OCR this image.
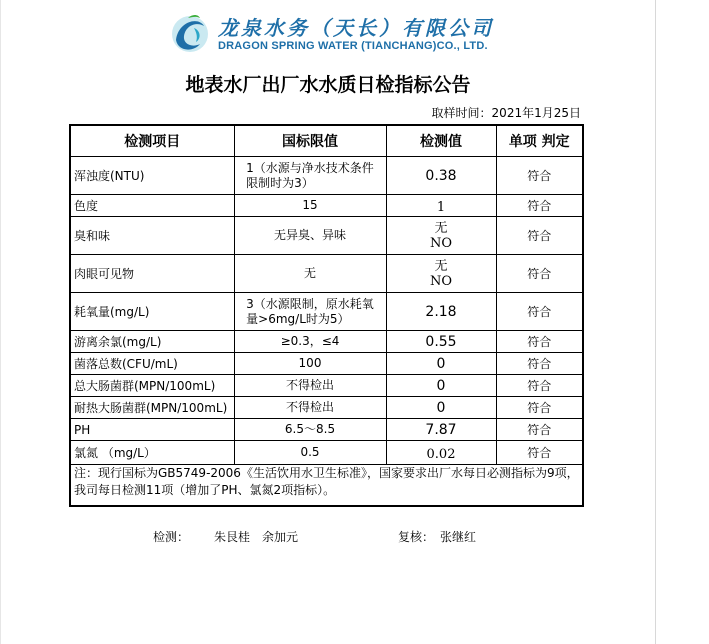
龙泉水务（天长）有限公司
DRAGON SPRING WATER (TIANCHANG)CO., LTD.
地表水厂出厂水水质日检指标公告
取样时间：2021年1月25日
检测项目	国标限值	检测值	单项 判定
浑浊度(NTU)	1（水源与净水技术条件
限制时为3）	0.38	符合
色度	15	1	符合
臭和味	无异臭、异味	无
NO	符合
肉眼可见物	无	无
NO	符合
耗氧量(mg/L)	3（水源限制，原水耗氧
量>6mg/L时为5）	2.18	符合
游离余氯(mg/L)	≥0.3，≤4	0.55	符合
菌落总数(CFU/mL)	100	0	符合
总大肠菌群(MPN/100mL)	不得检出	0	符合
耐热大肠菌群(MPN/100mL)	不得检出	0	符合
PH	6.5～8.5	7.87	符合
氯氮 （mg/L）	0.5	0.02	符合
注：现行国标为GB5749-2006《生活饮用水卫生标准》，国家要求出厂水每日必测指标为9项，我司每日检测11项（增加了PH、氯氮2项指标）。			
检测： 朱艮桂　余加元	复核： 张继红
